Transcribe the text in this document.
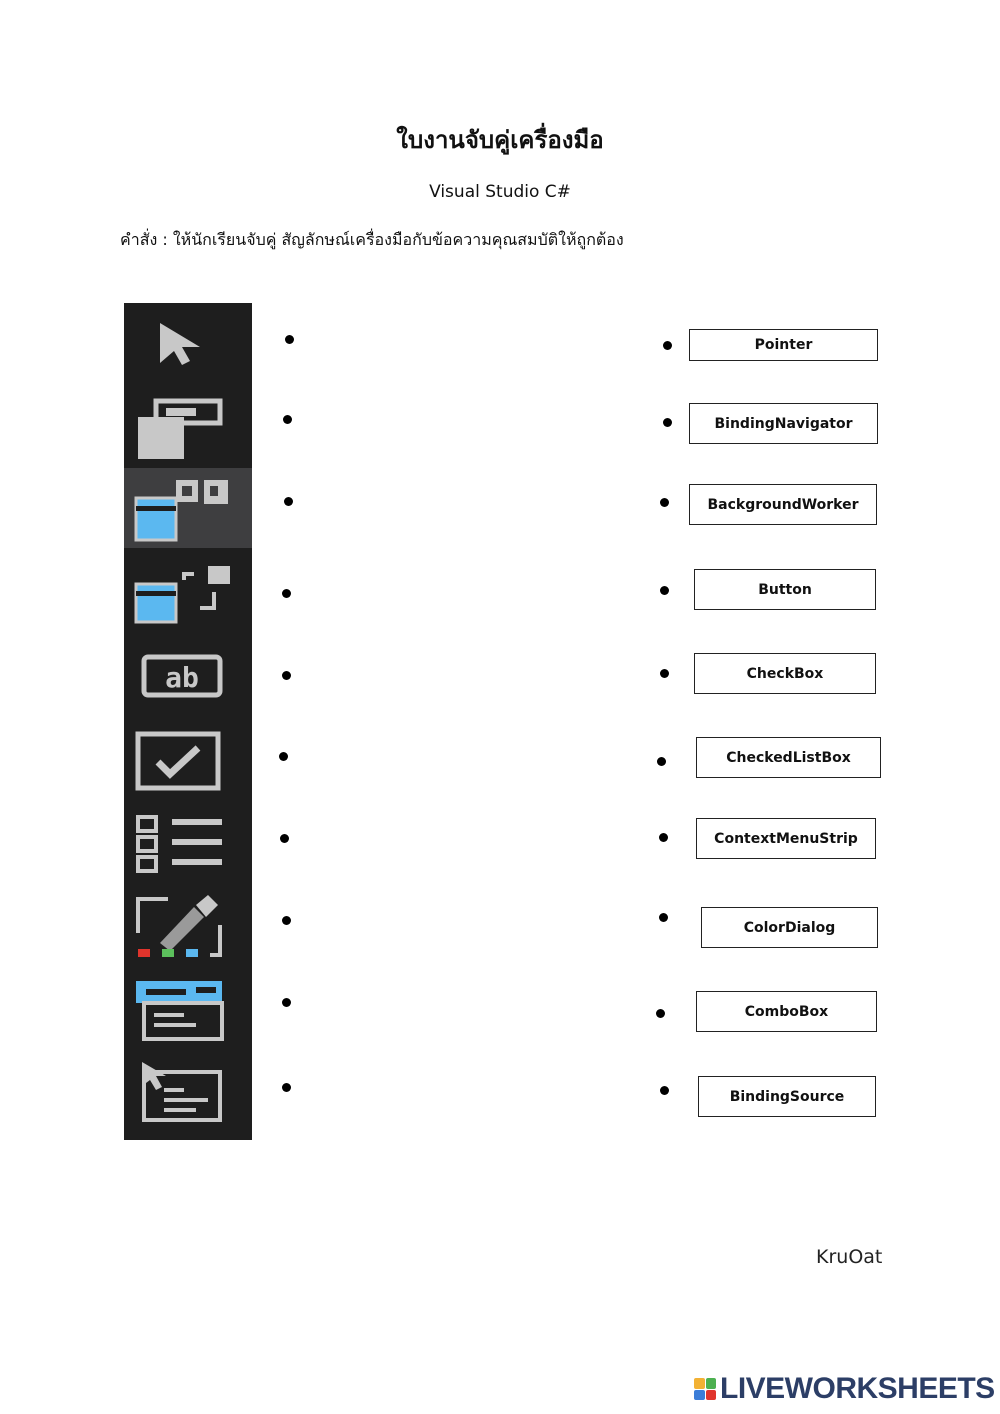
ใบงานจับคู่เครื่องมือ
Visual Studio C#
คำสั่ง : ให้นักเรียนจับคู่ สัญลักษณ์เครื่องมือกับข้อความคุณสมบัติให้ถูกต้อง
ab
Pointer
BindingNavigator
BackgroundWorker
Button
CheckBox
CheckedListBox
ContextMenuStrip
ColorDialog
ComboBox
BindingSource
KruOat
LIVEWORKSHEETS
